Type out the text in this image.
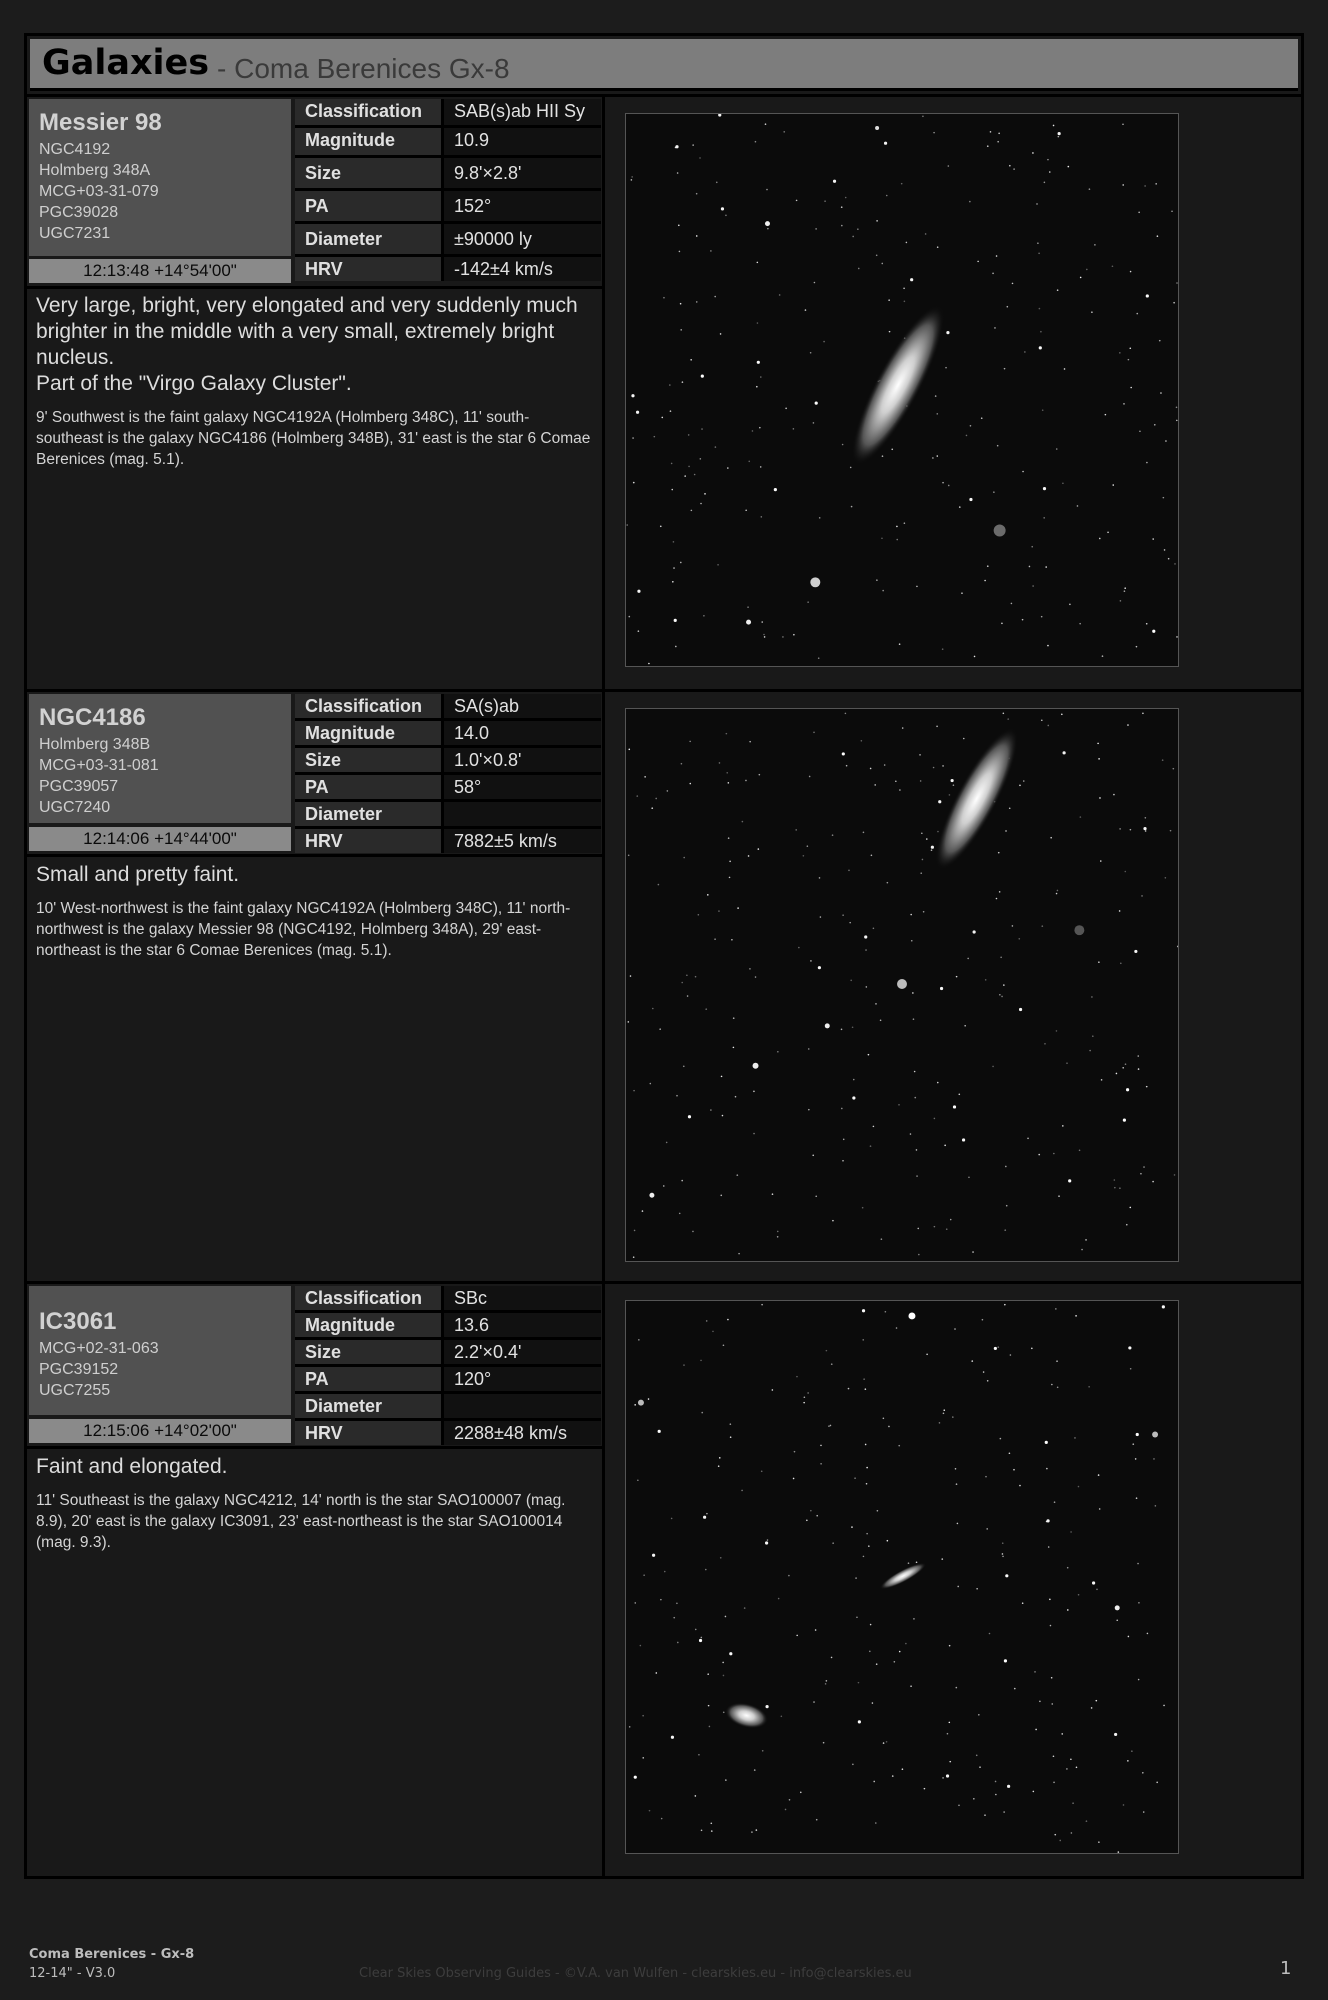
Galaxies - Coma Berenices Gx-8
Messier 98
NGC4192
Holmberg 348A
MCG+03-31-079
PGC39028
UGC7231
12:13:48 +14°54'00"
Classification	SAB(s)ab HII Sy
Magnitude	10.9
Size	9.8'×2.8'
PA	152°
Diameter	±90000 ly
HRV	-142±4 km/s
Very large, bright, very elongated and very suddenly much brighter in the middle with a very small, extremely bright nucleus.
Part of the "Virgo Galaxy Cluster".
9' Southwest is the faint galaxy NGC4192A (Holmberg 348C), 11' south-southeast is the galaxy NGC4186 (Holmberg 348B), 31' east is the star 6 Comae Berenices (mag. 5.1).
NGC4186
Holmberg 348B
MCG+03-31-081
PGC39057
UGC7240
12:14:06 +14°44'00"
Classification	SA(s)ab
Magnitude	14.0
Size	1.0'×0.8'
PA	58°
Diameter
HRV	7882±5 km/s
Small and pretty faint.
10' West-northwest is the faint galaxy NGC4192A (Holmberg 348C), 11' north-northwest is the galaxy Messier 98 (NGC4192, Holmberg 348A), 29' east-northeast is the star 6 Comae Berenices (mag. 5.1).
IC3061
MCG+02-31-063
PGC39152
UGC7255
12:15:06 +14°02'00"
Classification	SBc
Magnitude	13.6
Size	2.2'×0.4'
PA	120°
Diameter
HRV	2288±48 km/s
Faint and elongated.
11' Southeast is the galaxy NGC4212, 14' north is the star SAO100007 (mag. 8.9), 20' east is the galaxy IC3091, 23' east-northeast is the star SAO100014 (mag. 9.3).
Coma Berenices - Gx-8
12-14" - V3.0	Clear Skies Observing Guides - ©V.A. van Wulfen - clearskies.eu - info@clearskies.eu	1
